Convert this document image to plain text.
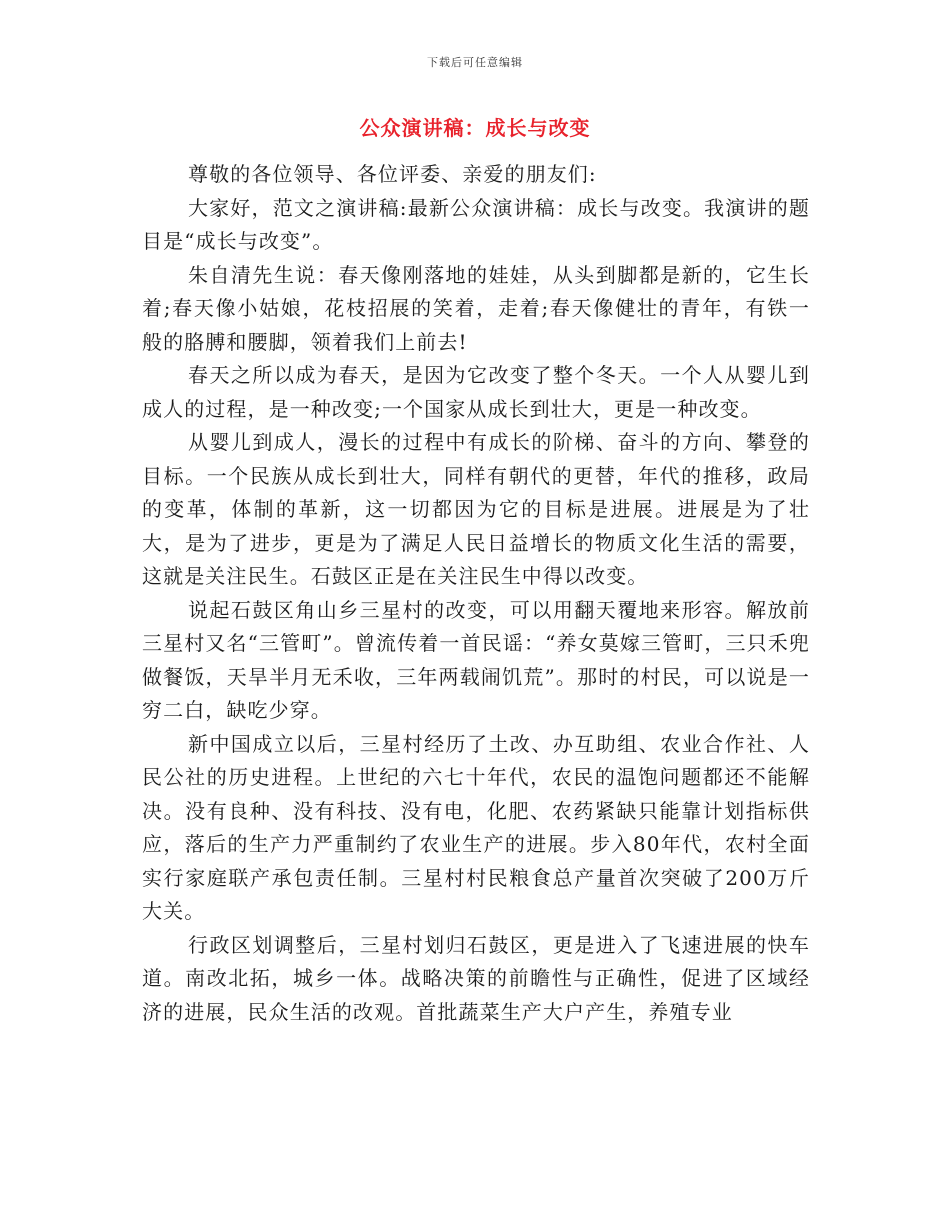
下载后可任意编辑
公众演讲稿：成长与改变

尊敬的各位领导、各位评委、亲爱的朋友们:

大家好，范文之演讲稿:最新公众演讲稿：成长与改变。我演讲的题目是“成长与改变”。

朱自清先生说：春天像刚落地的娃娃，从头到脚都是新的，它生长着;春天像小姑娘，花枝招展的笑着，走着;春天像健壮的青年，有铁一般的胳膊和腰脚，领着我们上前去!

春天之所以成为春天，是因为它改变了整个冬天。一个人从婴儿到成人的过程，是一种改变;一个国家从成长到壮大，更是一种改变。

从婴儿到成人，漫长的过程中有成长的阶梯、奋斗的方向、攀登的目标。一个民族从成长到壮大，同样有朝代的更替，年代的推移，政局的变革，体制的革新，这一切都因为它的目标是进展。进展是为了壮大，是为了进步，更是为了满足人民日益增长的物质文化生活的需要，这就是关注民生。石鼓区正是在关注民生中得以改变。

说起石鼓区角山乡三星村的改变，可以用翻天覆地来形容。解放前三星村又名“三管町”。曾流传着一首民谣：“养女莫嫁三管町，三只禾兜做餐饭，天旱半月无禾收，三年两载闹饥荒”。那时的村民，可以说是一穷二白，缺吃少穿。

新中国成立以后，三星村经历了土改、办互助组、农业合作社、人民公社的历史进程。上世纪的六七十年代，农民的温饱问题都还不能解决。没有良种、没有科技、没有电，化肥、农药紧缺只能靠计划指标供应，落后的生产力严重制约了农业生产的进展。步入80年代，农村全面实行家庭联产承包责任制。三星村村民粮食总产量首次突破了200万斤大关。

行政区划调整后，三星村划归石鼓区，更是进入了飞速进展的快车道。南改北拓，城乡一体。战略决策的前瞻性与正确性，促进了区域经济的进展，民众生活的改观。首批蔬菜生产大户产生，养殖专业
